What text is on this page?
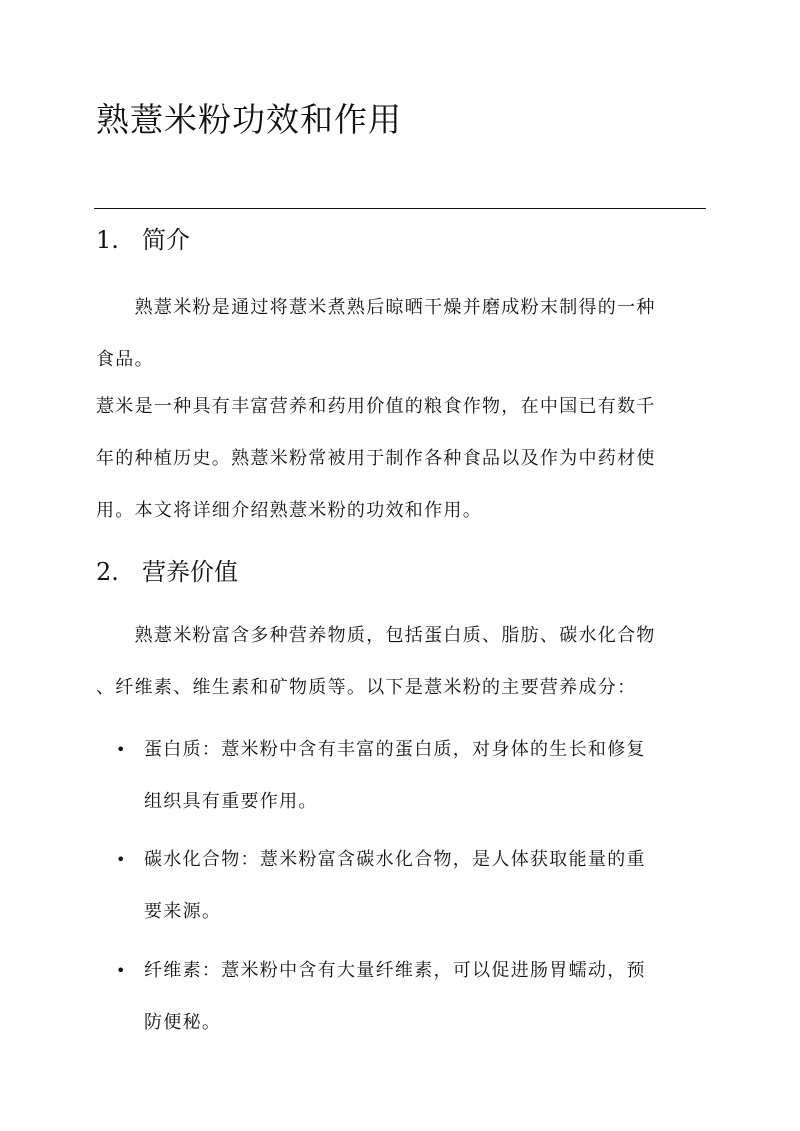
熟薏米粉功效和作用
1. 简介

　　熟薏米粉是通过将薏米煮熟后晾晒干燥并磨成粉末制得的一种
食品。

薏米是一种具有丰富营养和药用价值的粮食作物，在中国已有数千
年的种植历史。熟薏米粉常被用于制作各种食品以及作为中药材使
用。本文将详细介绍熟薏米粉的功效和作用。

2. 营养价值

　　熟薏米粉富含多种营养物质，包括蛋白质、脂肪、碳水化合物
、纤维素、维生素和矿物质等。以下是薏米粉的主要营养成分：

• 蛋白质：薏米粉中含有丰富的蛋白质，对身体的生长和修复
组织具有重要作用。
• 碳水化合物：薏米粉富含碳水化合物，是人体获取能量的重
要来源。
• 纤维素：薏米粉中含有大量纤维素，可以促进肠胃蠕动，预
防便秘。
